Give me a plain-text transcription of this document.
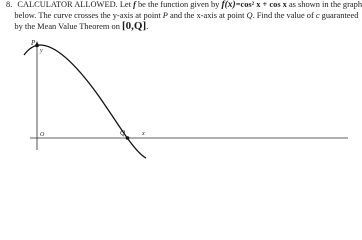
8. CALCULATOR ALLOWED. Let f be the function given by f(x)=cos² x + cos x as shown in the graph
below. The curve crosses the y-axis at point P and the x-axis at point Q. Find the value of c guaranteed
by the Mean Value Theorem on [0,Q].
P
y
O	Q	x
